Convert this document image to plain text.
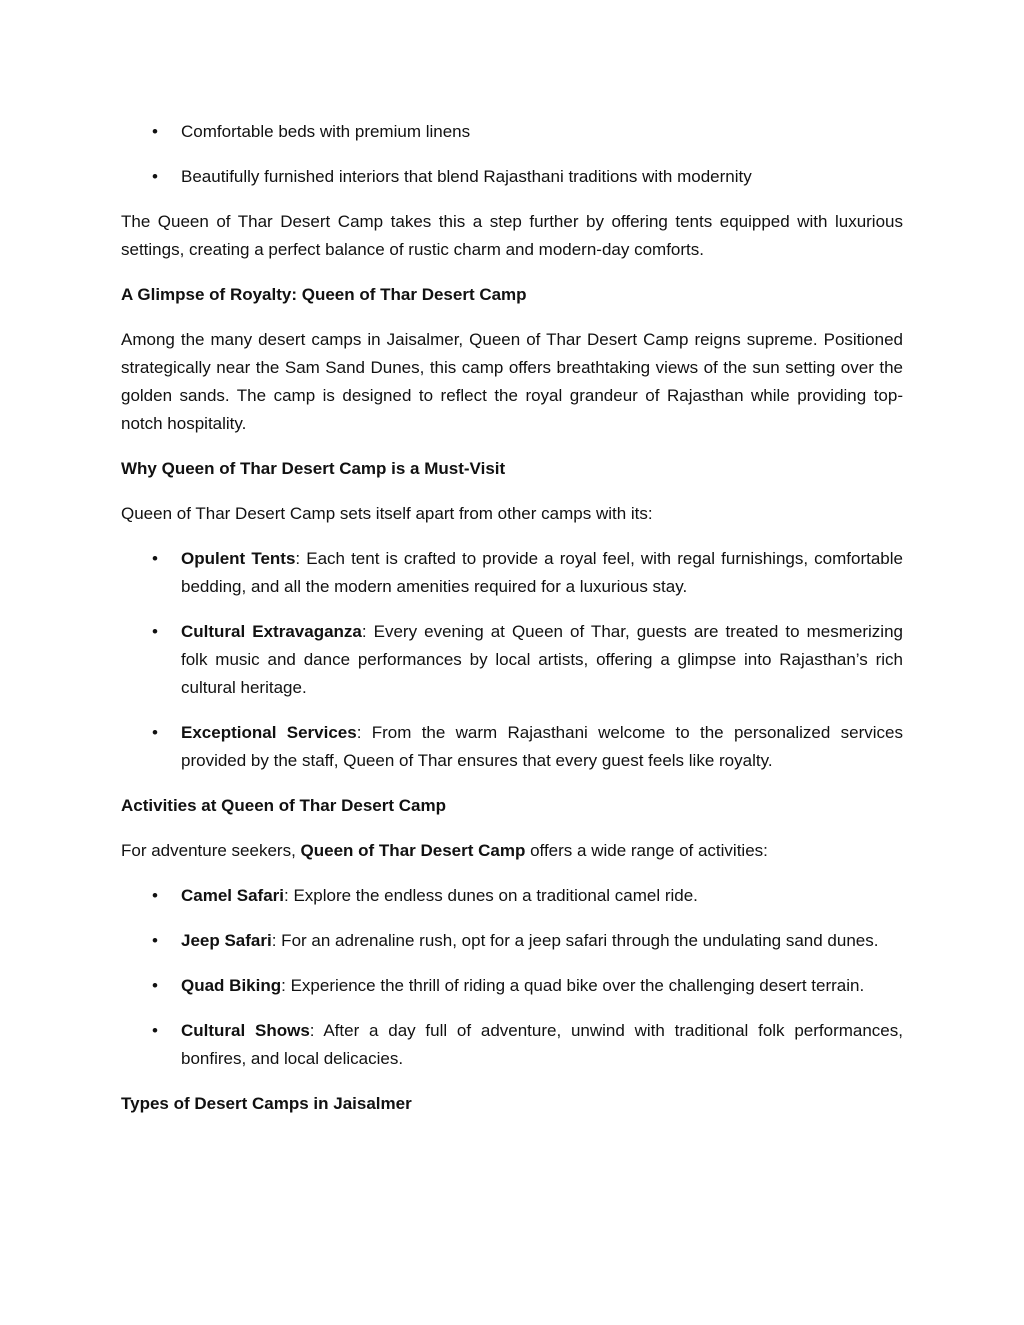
• Comfortable beds with premium linens
• Beautifully furnished interiors that blend Rajasthani traditions with modernity

The Queen of Thar Desert Camp takes this a step further by offering tents equipped with luxurious settings, creating a perfect balance of rustic charm and modern-day comforts.

A Glimpse of Royalty: Queen of Thar Desert Camp

Among the many desert camps in Jaisalmer, Queen of Thar Desert Camp reigns supreme. Positioned strategically near the Sam Sand Dunes, this camp offers breathtaking views of the sun setting over the golden sands. The camp is designed to reflect the royal grandeur of Rajasthan while providing top-notch hospitality.

Why Queen of Thar Desert Camp is a Must-Visit

Queen of Thar Desert Camp sets itself apart from other camps with its:

• Opulent Tents: Each tent is crafted to provide a royal feel, with regal furnishings, comfortable bedding, and all the modern amenities required for a luxurious stay.
• Cultural Extravaganza: Every evening at Queen of Thar, guests are treated to mesmerizing folk music and dance performances by local artists, offering a glimpse into Rajasthan’s rich cultural heritage.
• Exceptional Services: From the warm Rajasthani welcome to the personalized services provided by the staff, Queen of Thar ensures that every guest feels like royalty.

Activities at Queen of Thar Desert Camp

For adventure seekers, Queen of Thar Desert Camp offers a wide range of activities:

• Camel Safari: Explore the endless dunes on a traditional camel ride.
• Jeep Safari: For an adrenaline rush, opt for a jeep safari through the undulating sand dunes.
• Quad Biking: Experience the thrill of riding a quad bike over the challenging desert terrain.
• Cultural Shows: After a day full of adventure, unwind with traditional folk performances, bonfires, and local delicacies.

Types of Desert Camps in Jaisalmer
